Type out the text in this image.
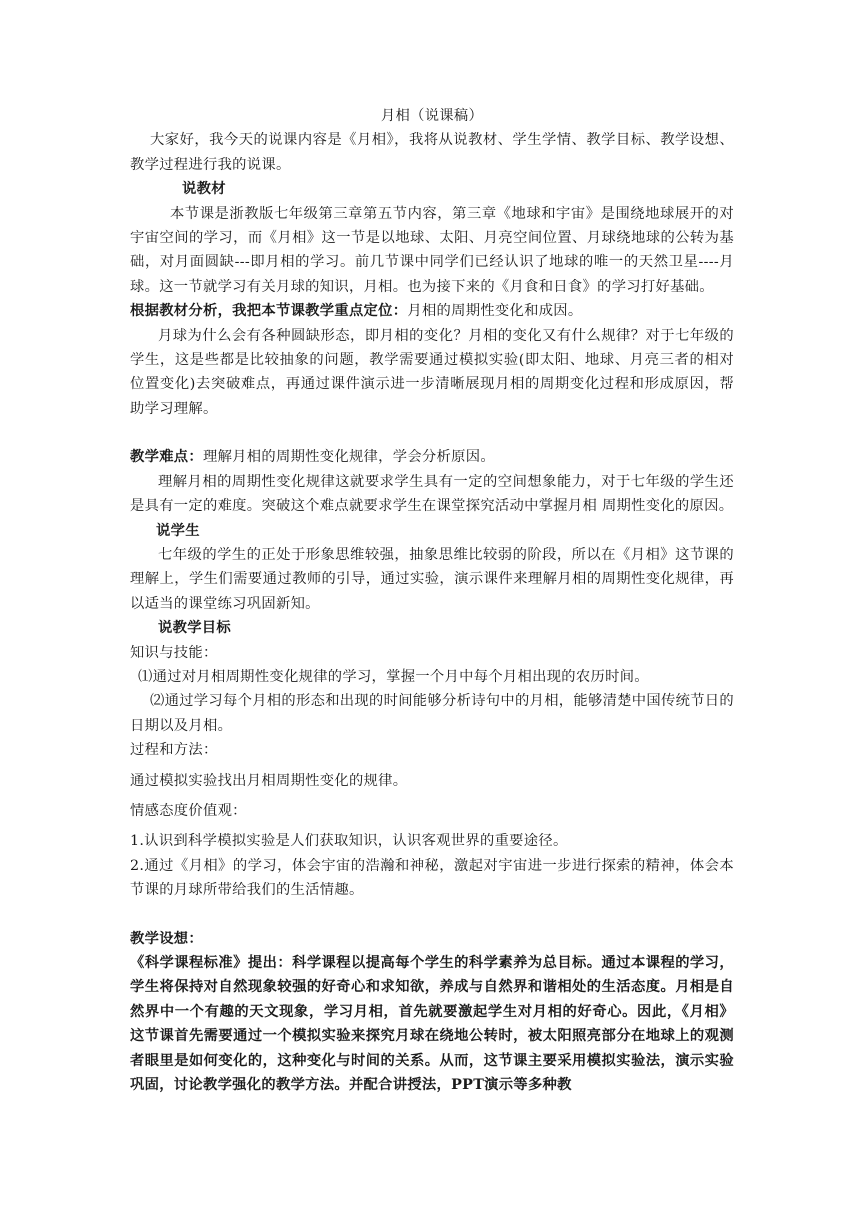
月相（说课稿）

大家好，我今天的说课内容是《月相》，我将从说教材、学生学情、教学目标、教学设想、教学过程进行我的说课。

说教材

本节课是浙教版七年级第三章第五节内容，第三章《地球和宇宙》是围绕地球展开的对宇宙空间的学习，而《月相》这一节是以地球、太阳、月亮空间位置、月球绕地球的公转为基础，对月面圆缺---即月相的学习。前几节课中同学们已经认识了地球的唯一的天然卫星----月球。这一节就学习有关月球的知识，月相。也为接下来的《月食和日食》的学习打好基础。

根据教材分析，我把本节课教学重点定位：月相的周期性变化和成因。

月球为什么会有各种圆缺形态，即月相的变化？月相的变化又有什么规律？对于七年级的学生，这是些都是比较抽象的问题，教学需要通过模拟实验(即太阳、地球、月亮三者的相对位置变化)去突破难点，再通过课件演示进一步清晰展现月相的周期变化过程和形成原因，帮助学习理解。

教学难点：理解月相的周期性变化规律，学会分析原因。

理解月相的周期性变化规律这就要求学生具有一定的空间想象能力，对于七年级的学生还是具有一定的难度。突破这个难点就要求学生在课堂探究活动中掌握月相 周期性变化的原因。

说学生

七年级的学生的正处于形象思维较强，抽象思维比较弱的阶段，所以在《月相》这节课的理解上，学生们需要通过教师的引导，通过实验，演示课件来理解月相的周期性变化规律，再以适当的课堂练习巩固新知。

说教学目标

知识与技能：

⑴通过对月相周期性变化规律的学习，掌握一个月中每个月相出现的农历时间。

⑵通过学习每个月相的形态和出现的时间能够分析诗句中的月相，能够清楚中国传统节日的日期以及月相。

过程和方法：

通过模拟实验找出月相周期性变化的规律。

情感态度价值观：

1.认识到科学模拟实验是人们获取知识，认识客观世界的重要途径。

2.通过《月相》的学习，体会宇宙的浩瀚和神秘，激起对宇宙进一步进行探索的精神，体会本节课的月球所带给我们的生活情趣。

教学设想：

《科学课程标准》提出：科学课程以提高每个学生的科学素养为总目标。通过本课程的学习，学生将保持对自然现象较强的好奇心和求知欲，养成与自然界和谐相处的生活态度。月相是自然界中一个有趣的天文现象，学习月相，首先就要激起学生对月相的好奇心。因此，《月相》这节课首先需要通过一个模拟实验来探究月球在绕地公转时，被太阳照亮部分在地球上的观测者眼里是如何变化的，这种变化与时间的关系。从而，这节课主要采用模拟实验法，演示实验巩固，讨论教学强化的教学方法。并配合讲授法，PPT演示等多种教
